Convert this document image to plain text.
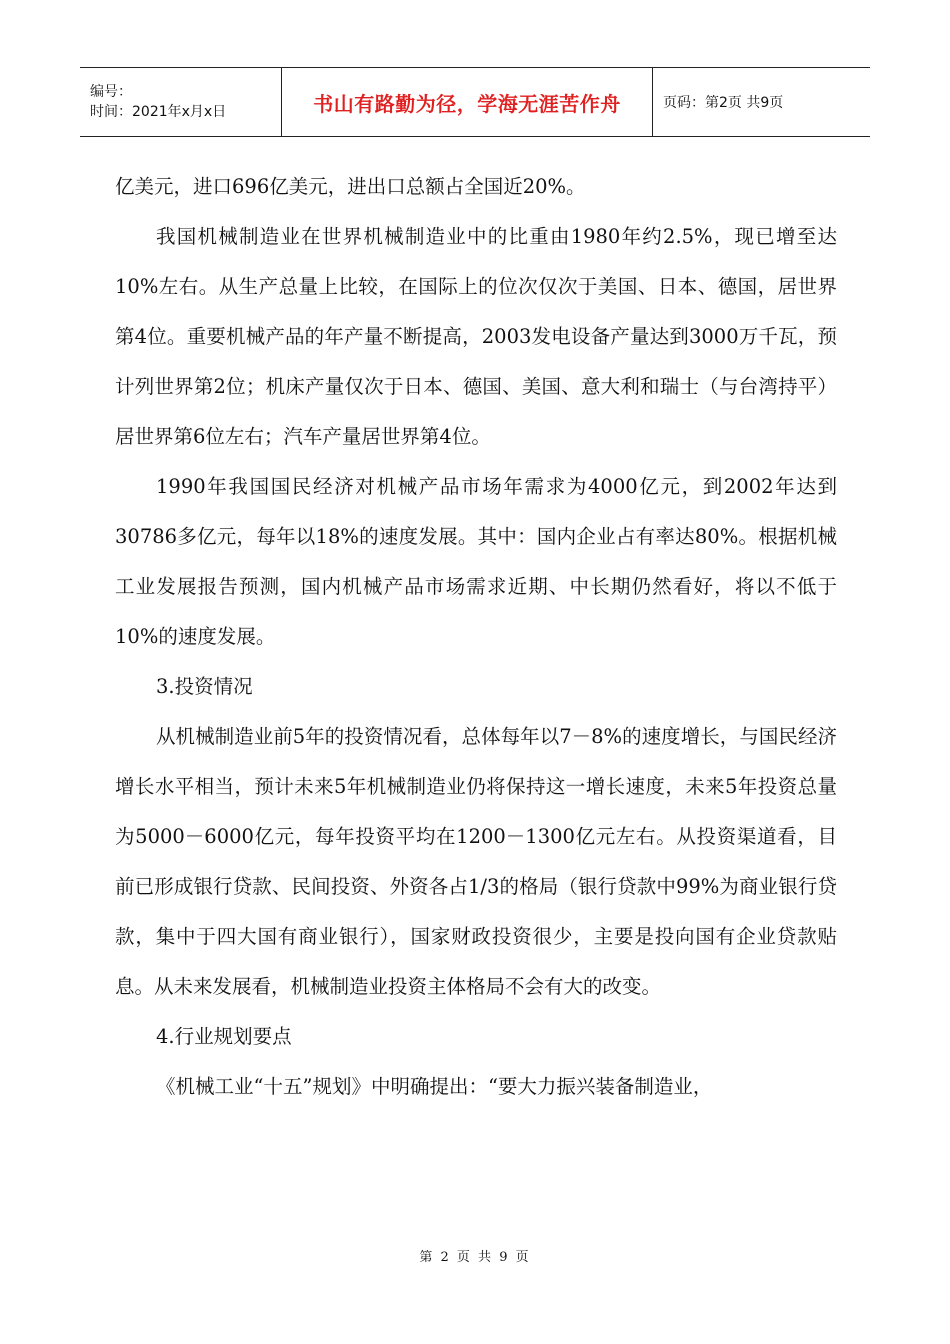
编号：
时间：2021年x月x日	书山有路勤为径，学海无涯苦作舟	页码：第2页 共9页

亿美元，进口696亿美元，进出口总额占全国近20%。

我国机械制造业在世界机械制造业中的比重由1980年约2.5%，现已增至达10%左右。从生产总量上比较，在国际上的位次仅次于美国、日本、德国，居世界第4位。重要机械产品的年产量不断提高，2003发电设备产量达到3000万千瓦，预计列世界第2位；机床产量仅次于日本、德国、美国、意大利和瑞士（与台湾持平）居世界第6位左右；汽车产量居世界第4位。

1990年我国国民经济对机械产品市场年需求为4000亿元，到2002年达到30786多亿元，每年以18%的速度发展。其中：国内企业占有率达80%。根据机械工业发展报告预测，国内机械产品市场需求近期、中长期仍然看好，将以不低于10%的速度发展。

3.投资情况

从机械制造业前5年的投资情况看，总体每年以7－8%的速度增长，与国民经济增长水平相当，预计未来5年机械制造业仍将保持这一增长速度，未来5年投资总量为5000－6000亿元，每年投资平均在1200－1300亿元左右。从投资渠道看，目前已形成银行贷款、民间投资、外资各占1/3的格局（银行贷款中99%为商业银行贷款，集中于四大国有商业银行），国家财政投资很少，主要是投向国有企业贷款贴息。从未来发展看，机械制造业投资主体格局不会有大的改变。

4.行业规划要点

《机械工业“十五”规划》中明确提出：“要大力振兴装备制造业，

第 2 页 共 9 页
